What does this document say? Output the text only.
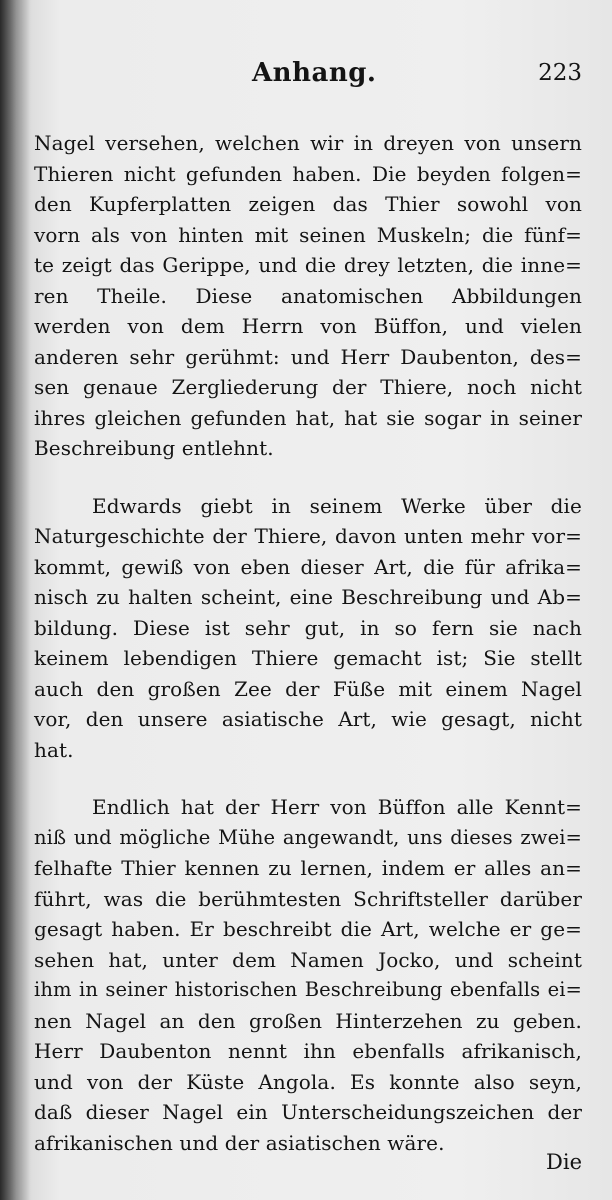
Anhang.	223
Nagel versehen, welchen wir in dreyen von unsern
Thieren nicht gefunden haben. Die beyden folgen=
den Kupferplatten zeigen das Thier sowohl von
vorn als von hinten mit seinen Muskeln; die fünf=
te zeigt das Gerippe, und die drey letzten, die inne=
ren Theile. Diese anatomischen Abbildungen
werden von dem Herrn von Büffon, und vielen
anderen sehr gerühmt: und Herr Daubenton, des=
sen genaue Zergliederung der Thiere, noch nicht
ihres gleichen gefunden hat, hat sie sogar in seiner
Beschreibung entlehnt.
Edwards giebt in seinem Werke über die
Naturgeschichte der Thiere, davon unten mehr vor=
kommt, gewiß von eben dieser Art, die für afrika=
nisch zu halten scheint, eine Beschreibung und Ab=
bildung. Diese ist sehr gut, in so fern sie nach
keinem lebendigen Thiere gemacht ist; Sie stellt
auch den großen Zee der Füße mit einem Nagel
vor, den unsere asiatische Art, wie gesagt, nicht
hat.
Endlich hat der Herr von Büffon alle Kennt=
niß und mögliche Mühe angewandt, uns dieses zwei=
felhafte Thier kennen zu lernen, indem er alles an=
führt, was die berühmtesten Schriftsteller darüber
gesagt haben. Er beschreibt die Art, welche er ge=
sehen hat, unter dem Namen Jocko, und scheint
ihm in seiner historischen Beschreibung ebenfalls ei=
nen Nagel an den großen Hinterzehen zu geben.
Herr Daubenton nennt ihn ebenfalls afrikanisch,
und von der Küste Angola. Es konnte also seyn,
daß dieser Nagel ein Unterscheidungszeichen der
afrikanischen und der asiatischen wäre.
Die
